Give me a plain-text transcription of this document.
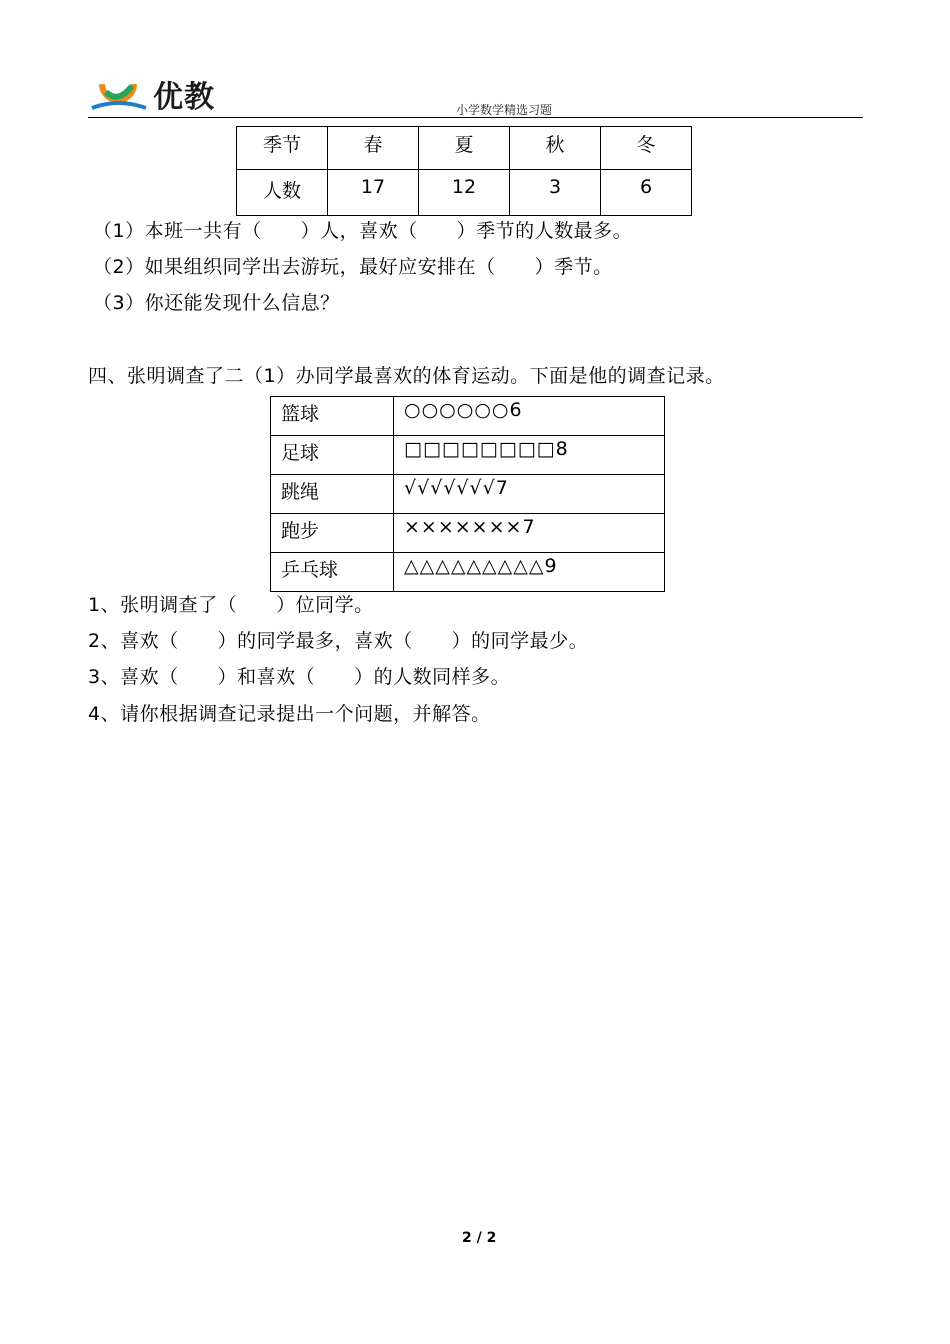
优教	小学数学精选习题
季节	春	夏	秋	冬
人数	17	12	3	6
（1）本班一共有（　　）人，喜欢（　　）季节的人数最多。
（2）如果组织同学出去游玩，最好应安排在（　　）季节。
（3）你还能发现什么信息？
四、张明调查了二（1）办同学最喜欢的体育运动。下面是他的调查记录。
篮球	○○○○○○6
足球	□□□□□□□□8
跳绳	√√√√√√√7
跑步	×××××××7
乒乓球	△△△△△△△△△9
1、张明调查了（　　）位同学。
2、喜欢（　　）的同学最多，喜欢（　　）的同学最少。
3、喜欢（　　）和喜欢（　　）的人数同样多。
4、请你根据调查记录提出一个问题，并解答。
2 / 2
